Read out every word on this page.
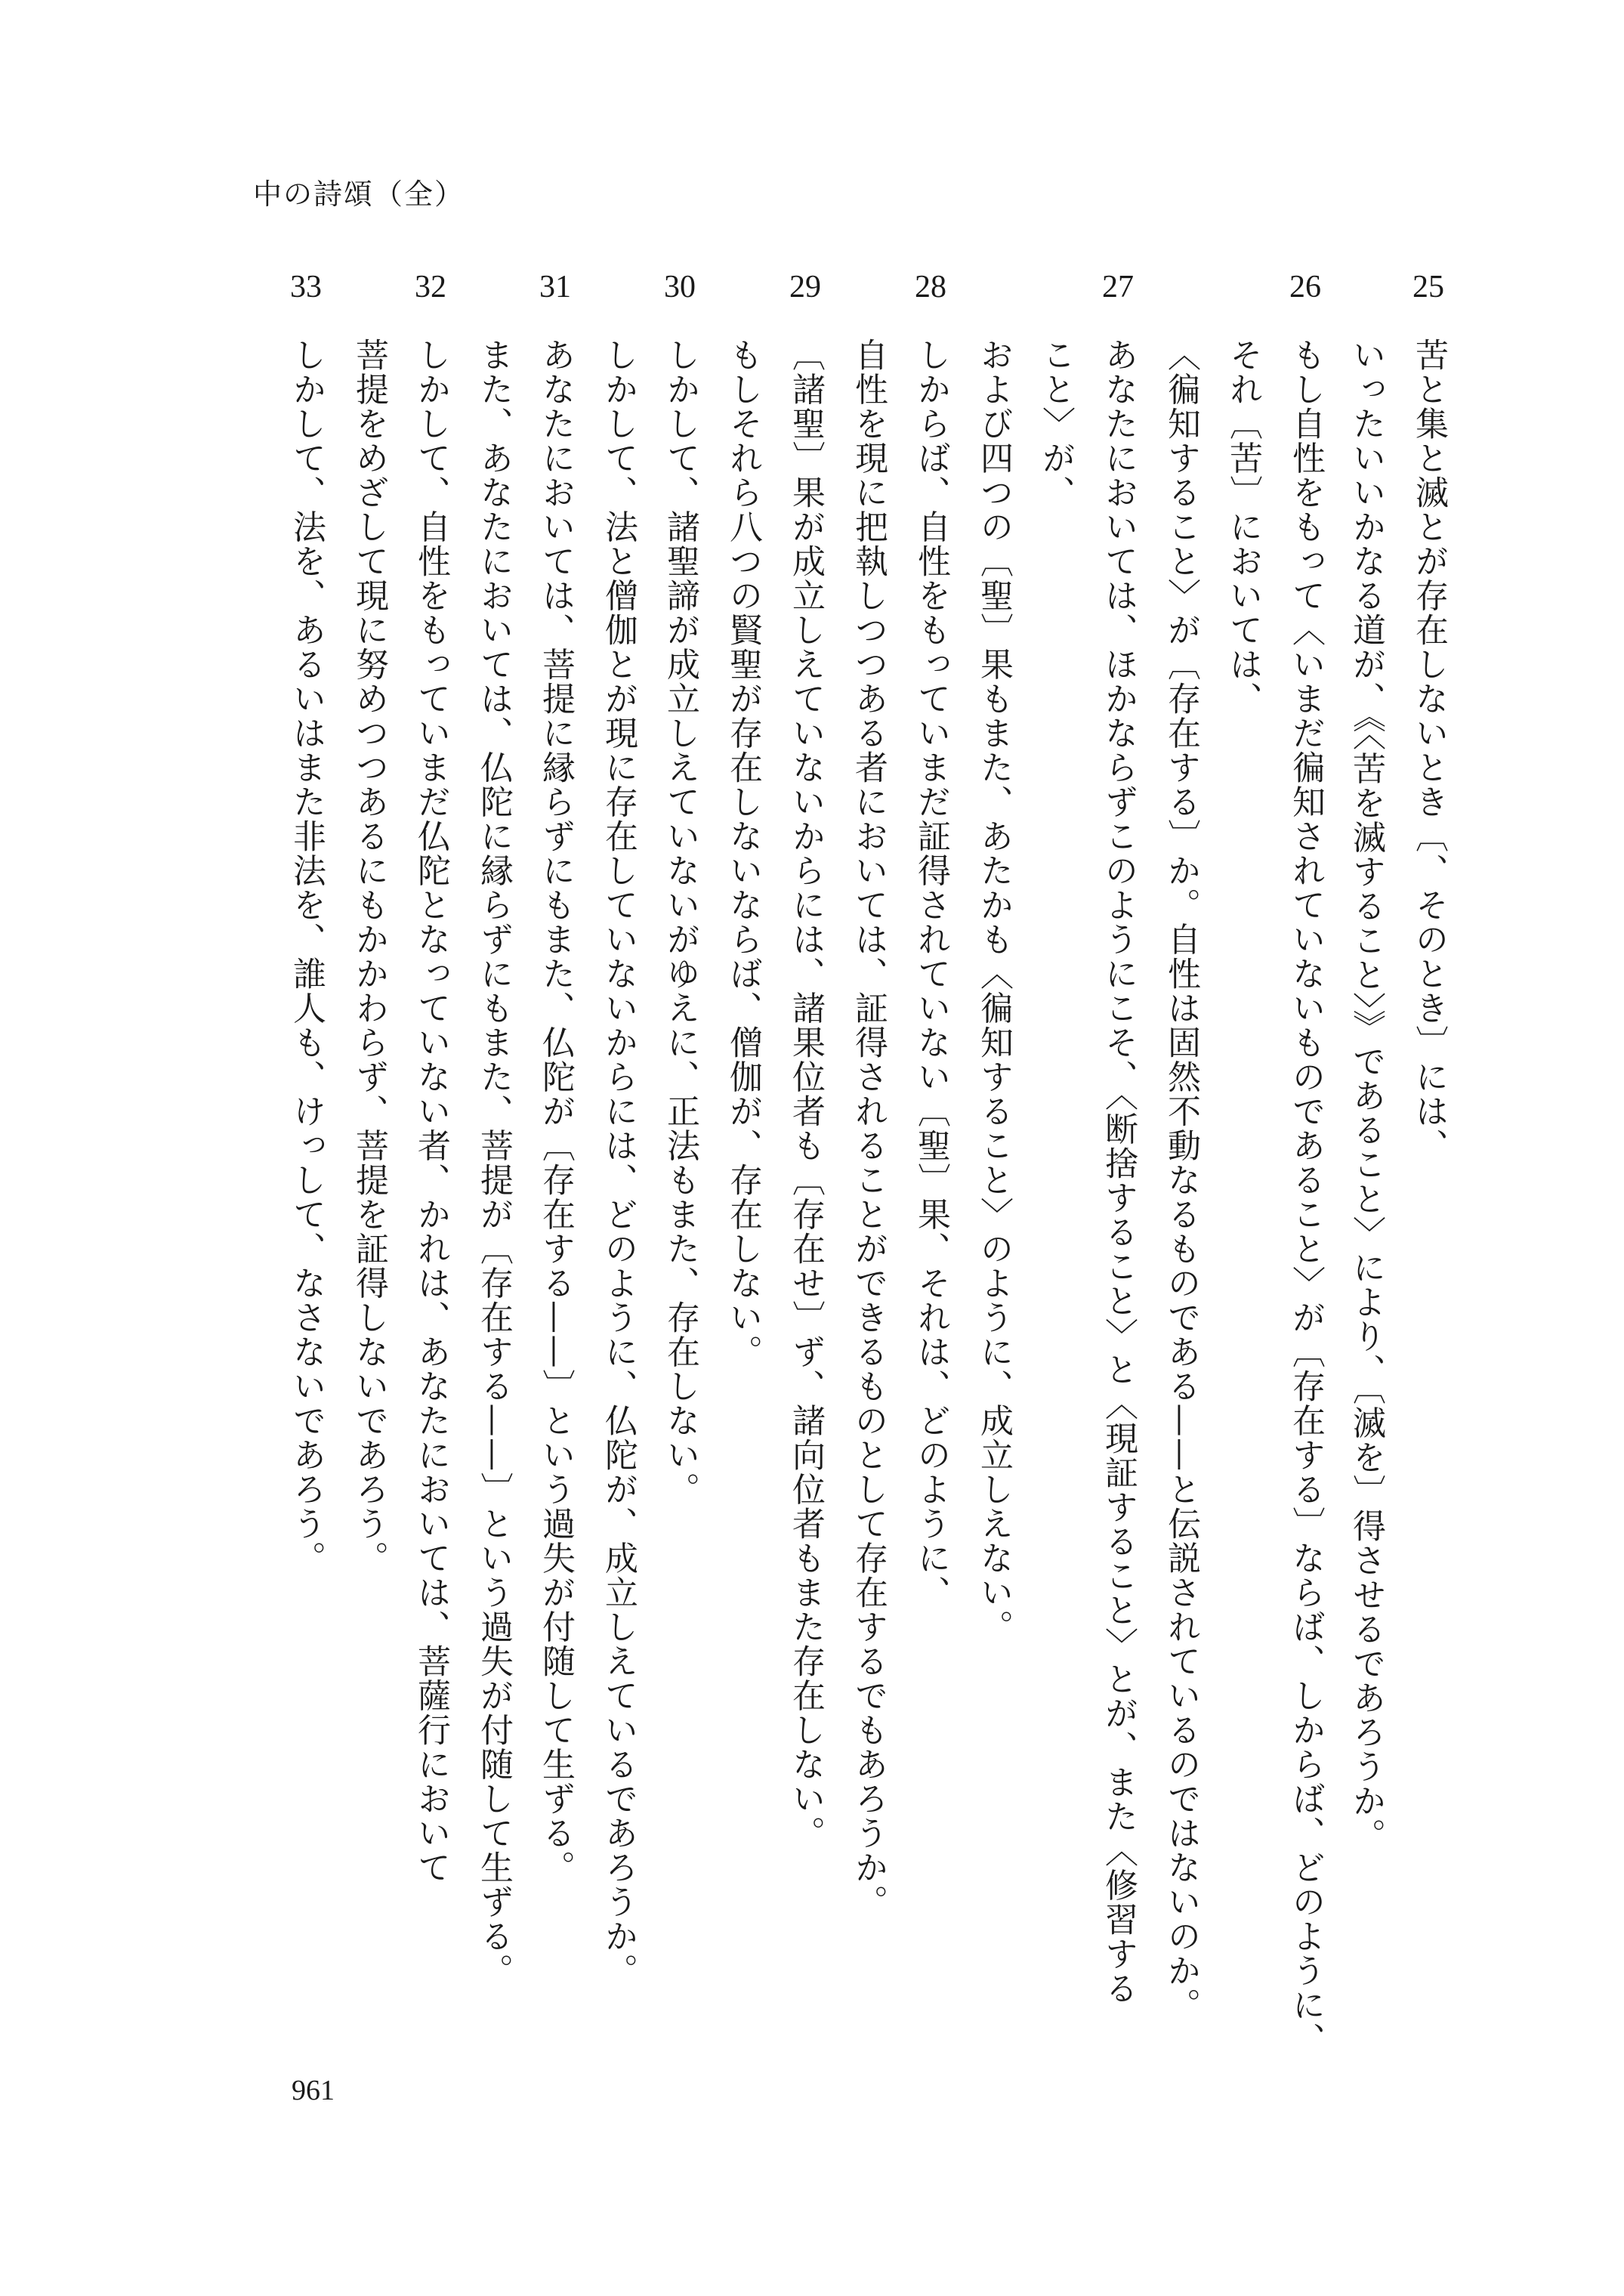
中の詩頌（全）
25
苦と集と滅とが存在しないとき〔、そのとき〕には、
いったいいかなる道が、《〈苦を滅すること〉》であること〉により、〔滅を〕得させるであろうか。
26
もし自性をもって〈いまだ徧知されていないものであること〉が〔存在する〕ならば、しからば、どのように、
それ〔苦〕においては、
27
〈徧知すること〉が〔存在する〕か。自性は固然不動なるものである——と伝説されているのではないのか。
あなたにおいては、ほかならずこのようにこそ、〈断捨すること〉と〈現証すること〉とが、また〈修習する
こと〉が、
28
および四つの〔聖〕果もまた、あたかも〈徧知すること〉のように、成立しえない。
しからば、自性をもっていまだ証得されていない〔聖〕果、それは、どのように、
29
自性を現に把執しつつある者においては、証得されることができるものとして存在するでもあろうか。
〔諸聖〕果が成立しえていないからには、諸果位者も〔存在せ〕ず、諸向位者もまた存在しない。
30
もしそれら八つの賢聖が存在しないならば、僧伽が、存在しない。
しかして、諸聖諦が成立しえていないがゆえに、正法もまた、存在しない。
31
しかして、法と僧伽とが現に存在していないからには、どのように、仏陀が、成立しえているであろうか。
あなたにおいては、菩提に縁らずにもまた、仏陀が〔存在する——〕という過失が付随して生ずる。
32
また、あなたにおいては、仏陀に縁らずにもまた、菩提が〔存在する——〕という過失が付随して生ずる。
しかして、自性をもっていまだ仏陀となっていない者、かれは、あなたにおいては、菩薩行において
33
菩提をめざして現に努めつつあるにもかかわらず、菩提を証得しないであろう。
しかして、法を、あるいはまた非法を、誰人も、けっして、なさないであろう。
961
